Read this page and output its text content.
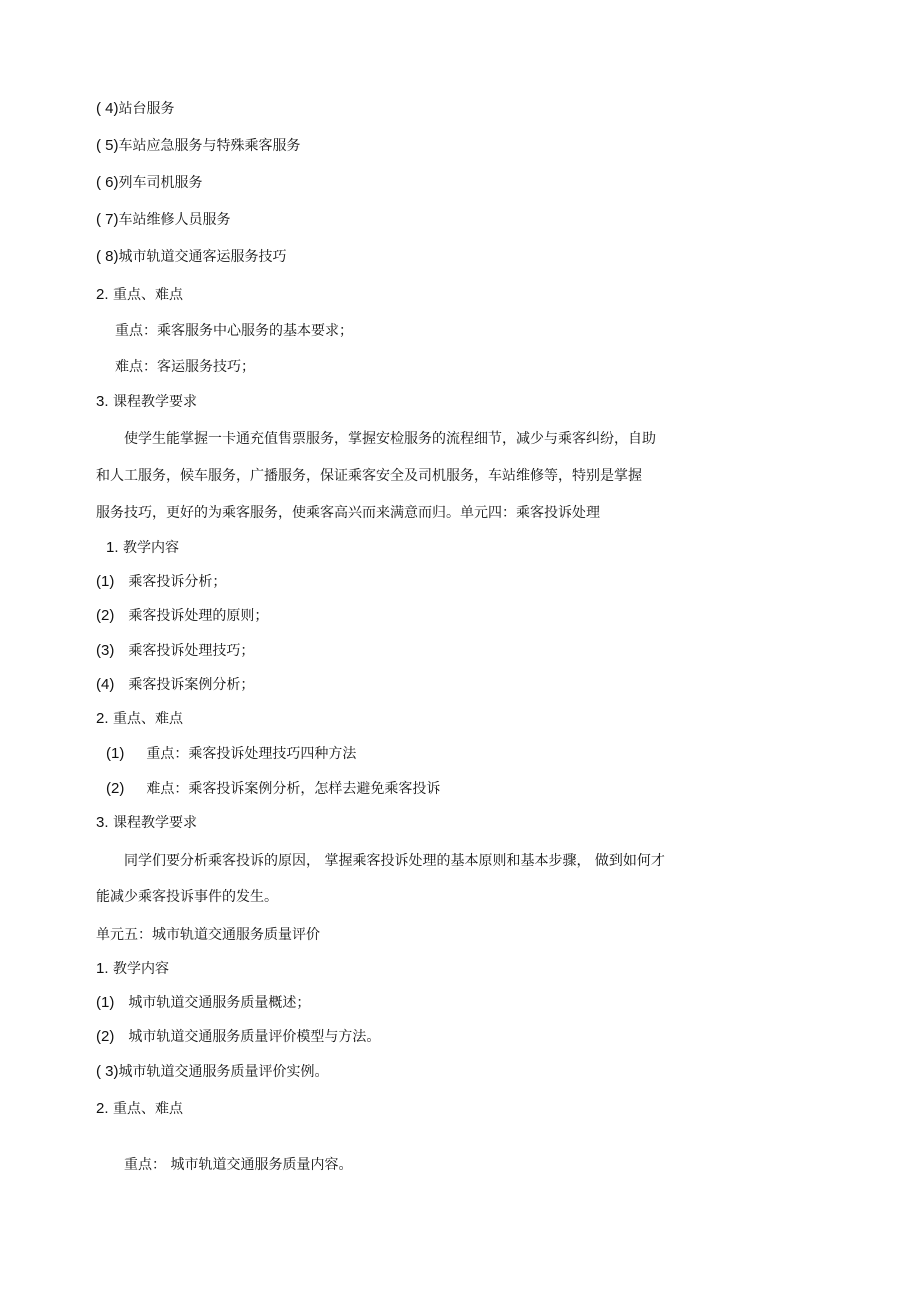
( 4)站台服务
( 5)车站应急服务与特殊乘客服务
( 6)列车司机服务
( 7)车站维修人员服务
( 8)城市轨道交通客运服务技巧
2. 重点、难点
重点：乘客服务中心服务的基本要求；
难点：客运服务技巧；
3. 课程教学要求
使学生能掌握一卡通充值售票服务，掌握安检服务的流程细节，减少与乘客纠纷，自助
和人工服务，候车服务，广播服务，保证乘客安全及司机服务，车站维修等，特别是掌握
服务技巧，更好的为乘客服务，使乘客高兴而来满意而归。单元四：乘客投诉处理
1. 教学内容
(1) 乘客投诉分析；
(2) 乘客投诉处理的原则；
(3) 乘客投诉处理技巧；
(4) 乘客投诉案例分析；
2. 重点、难点
(1) 重点：乘客投诉处理技巧四种方法
(2) 难点：乘客投诉案例分析，怎样去避免乘客投诉
3. 课程教学要求
同学们要分析乘客投诉的原因， 掌握乘客投诉处理的基本原则和基本步骤， 做到如何才
能减少乘客投诉事件的发生。
单元五：城市轨道交通服务质量评价
1. 教学内容
(1) 城市轨道交通服务质量概述；
(2) 城市轨道交通服务质量评价模型与方法。
( 3)城市轨道交通服务质量评价实例。
2. 重点、难点
重点： 城市轨道交通服务质量内容。
